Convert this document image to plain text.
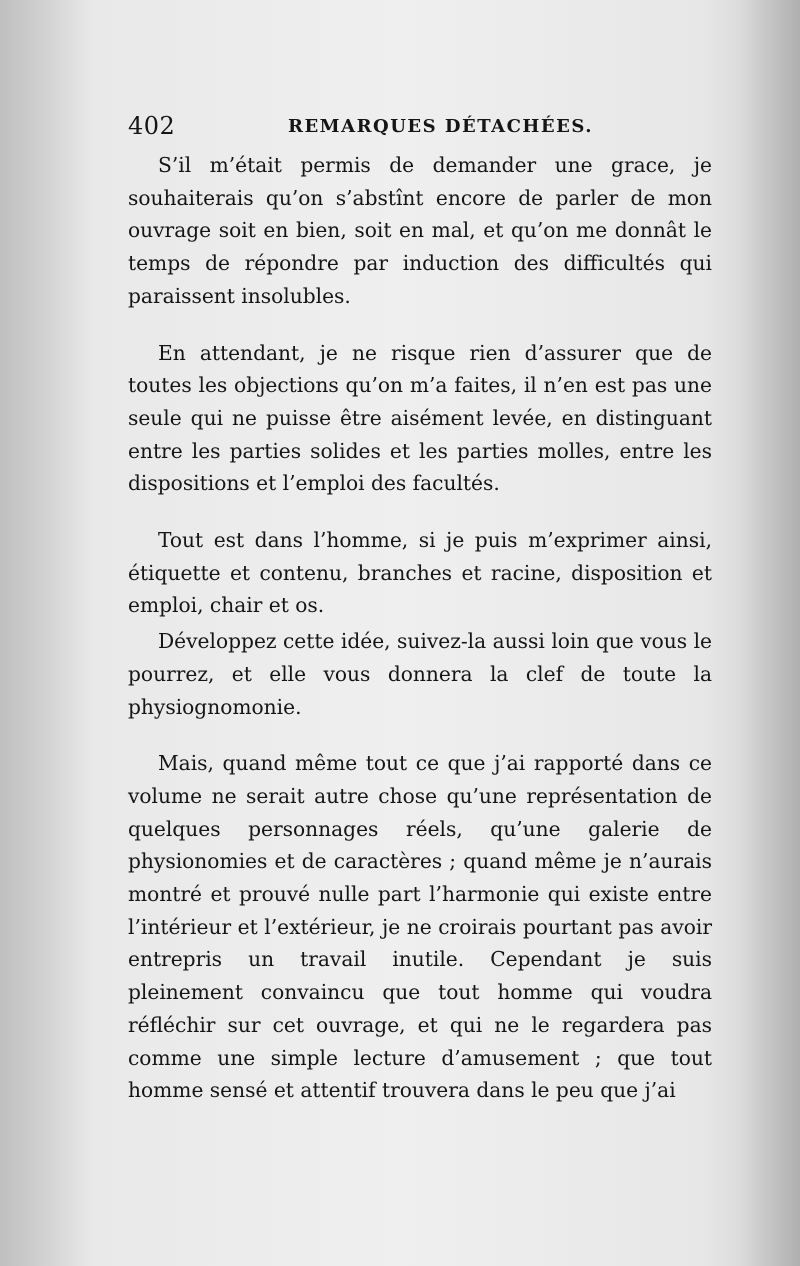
402	REMARQUES DÉTACHÉES.

S’il m’était permis de demander une grace, je souhaiterais qu’on s’abstînt encore de parler de mon ouvrage soit en bien, soit en mal, et qu’on me donnât le temps de répondre par induction des difficultés qui paraissent insolubles.

En attendant, je ne risque rien d’assurer que de toutes les objections qu’on m’a faites, il n’en est pas une seule qui ne puisse être aisément levée, en distinguant entre les parties solides et les parties molles, entre les dispositions et l’emploi des facultés.

Tout est dans l’homme, si je puis m’exprimer ainsi, étiquette et contenu, branches et racine, disposition et emploi, chair et os.

Développez cette idée, suivez-la aussi loin que vous le pourrez, et elle vous donnera la clef de toute la physiognomonie.

Mais, quand même tout ce que j’ai rapporté dans ce volume ne serait autre chose qu’une représentation de quelques personnages réels, qu’une galerie de physionomies et de caractères ; quand même je n’aurais montré et prouvé nulle part l’harmonie qui existe entre l’intérieur et l’extérieur, je ne croirais pourtant pas avoir entrepris un travail inutile. Cependant je suis pleinement convaincu que tout homme qui voudra réfléchir sur cet ouvrage, et qui ne le regardera pas comme une simple lecture d’amusement ; que tout homme sensé et attentif trouvera dans le peu que j’ai
